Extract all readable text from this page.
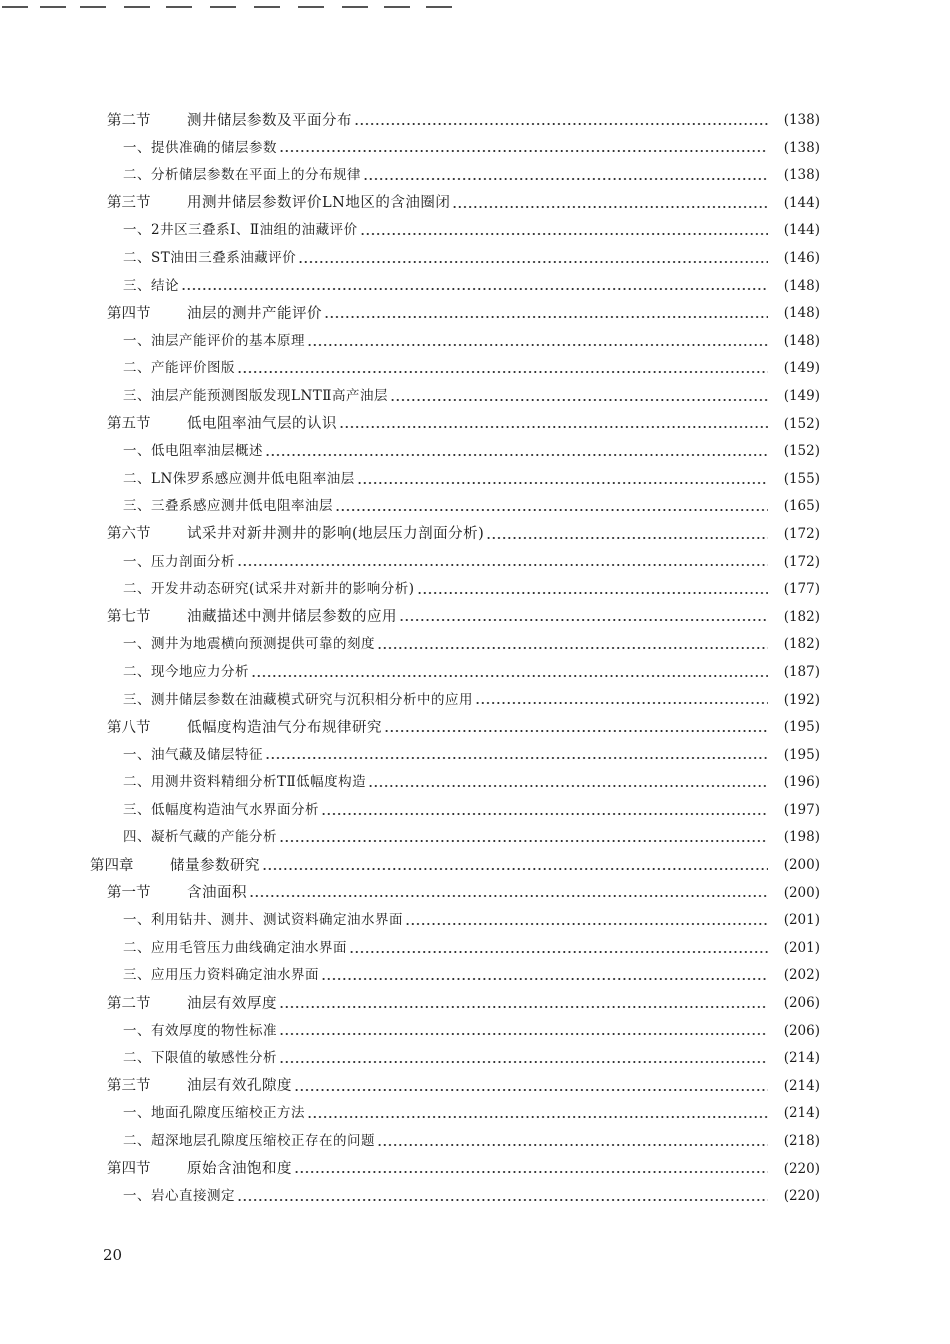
第二节	测井储层参数及平面分布	(138)
一、提供准确的储层参数	(138)
二、分析储层参数在平面上的分布规律	(138)
第三节	用测井储层参数评价LN地区的含油圈闭	(144)
一、2井区三叠系Ⅰ、Ⅱ油组的油藏评价	(144)
二、ST油田三叠系油藏评价	(146)
三、结论	(148)
第四节	油层的测井产能评价	(148)
一、油层产能评价的基本原理	(148)
二、产能评价图版	(149)
三、油层产能预测图版发现LNTⅡ高产油层	(149)
第五节	低电阻率油气层的认识	(152)
一、低电阻率油层概述	(152)
二、LN侏罗系感应测井低电阻率油层	(155)
三、三叠系感应测井低电阻率油层	(165)
第六节	试采井对新井测井的影响(地层压力剖面分析)	(172)
一、压力剖面分析	(172)
二、开发井动态研究(试采井对新井的影响分析)	(177)
第七节	油藏描述中测井储层参数的应用	(182)
一、测井为地震横向预测提供可靠的刻度	(182)
二、现今地应力分析	(187)
三、测井储层参数在油藏模式研究与沉积相分析中的应用	(192)
第八节	低幅度构造油气分布规律研究	(195)
一、油气藏及储层特征	(195)
二、用测井资料精细分析TⅡ低幅度构造	(196)
三、低幅度构造油气水界面分析	(197)
四、凝析气藏的产能分析	(198)
第四章	储量参数研究	(200)
第一节	含油面积	(200)
一、利用钻井、测井、测试资料确定油水界面	(201)
二、应用毛管压力曲线确定油水界面	(201)
三、应用压力资料确定油水界面	(202)
第二节	油层有效厚度	(206)
一、有效厚度的物性标准	(206)
二、下限值的敏感性分析	(214)
第三节	油层有效孔隙度	(214)
一、地面孔隙度压缩校正方法	(214)
二、超深地层孔隙度压缩校正存在的问题	(218)
第四节	原始含油饱和度	(220)
一、岩心直接测定	(220)
20
